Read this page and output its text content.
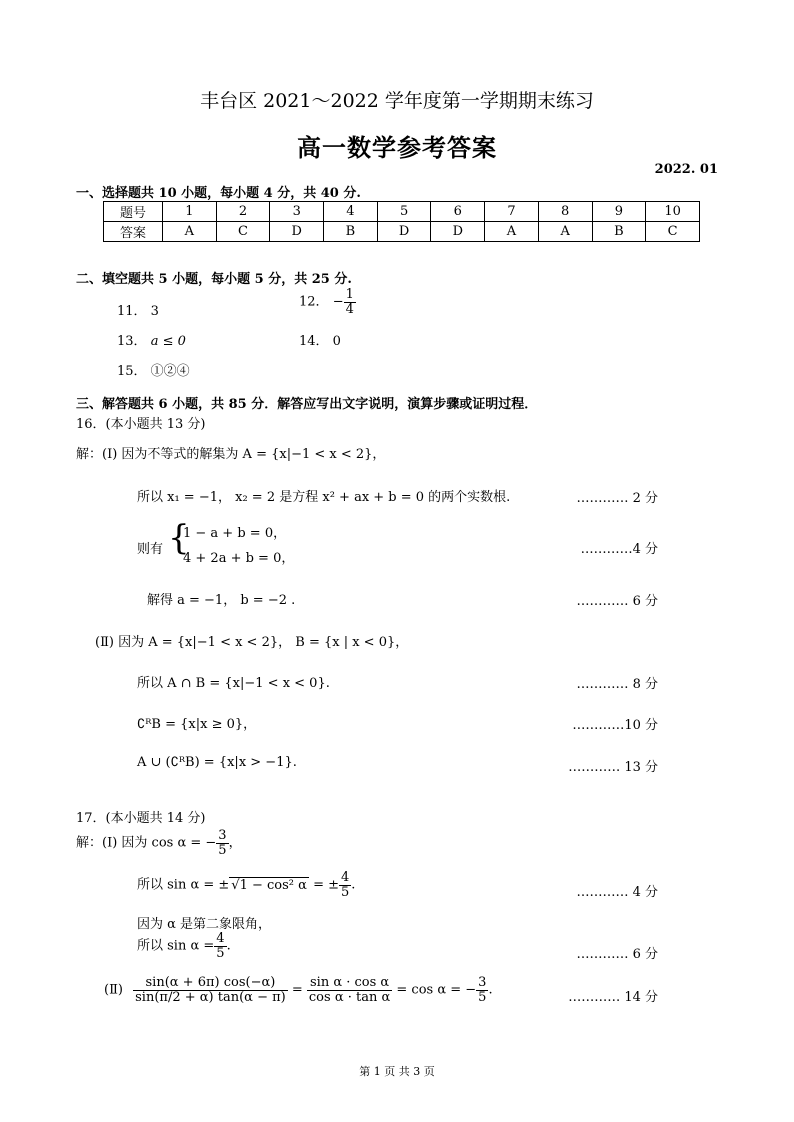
丰台区 2021～2022 学年度第一学期期末练习
高一数学参考答案
2022. 01
一、选择题共 10 小题，每小题 4 分，共 40 分.
题号	1	2	3	4	5	6	7	8	9	10
答案	A	C	D	B	D	D	A	A	B	C
二、填空题共 5 小题，每小题 5 分，共 25 分.
11． 3
12． − $\frac{1}{4}$
13． a ≤ 0	14． 0
15． ①②④
三、解答题共 6 小题，共 85 分．解答应写出文字说明，演算步骤或证明过程．
16．(本小题共 13 分)
解：(Ⅰ) 因为不等式的解集为 A = {x|−1 < x < 2}，
所以 x₁ = −1， x₂ = 2 是方程 x² + ax + b = 0 的两个实数根.	………… 2 分
则有 {
1 − a + b = 0，
4 + 2a + b = 0，
…………4 分
解得 a = −1， b = −2 .	………… 6 分
(Ⅱ) 因为 A = {x|−1 < x < 2}， B = {x | x < 0}，
所以 A ∩ B = {x|−1 < x < 0}.	………… 8 分
∁ᴿB = {x|x ≥ 0}，	…………10 分
A ∪ (∁ᴿB) = {x|x > −1}.	………… 13 分
17．(本小题共 14 分)
解：(Ⅰ) 因为 cos α = − $\frac{3}{5}$ ，
所以 sin α = ± √1 − cos² α = ± $\frac{4}{5}$ .	………… 4 分
因为 α 是第二象限角，
所以 $\sin \alpha = \frac{4}{5}$ .
………… 6 分
(Ⅱ) $\frac{\sin(\alpha + 6\pi) \cos(-\alpha)}{\sin(\pi/2 + \alpha) \tan(\alpha - \pi)} = \frac{\text{sin α · cos α}}{\text{cos α · tan α}} = \cos \alpha$ = − $\frac{3}{5}$ .	………… 14 分
第 1 页 共 3 页
